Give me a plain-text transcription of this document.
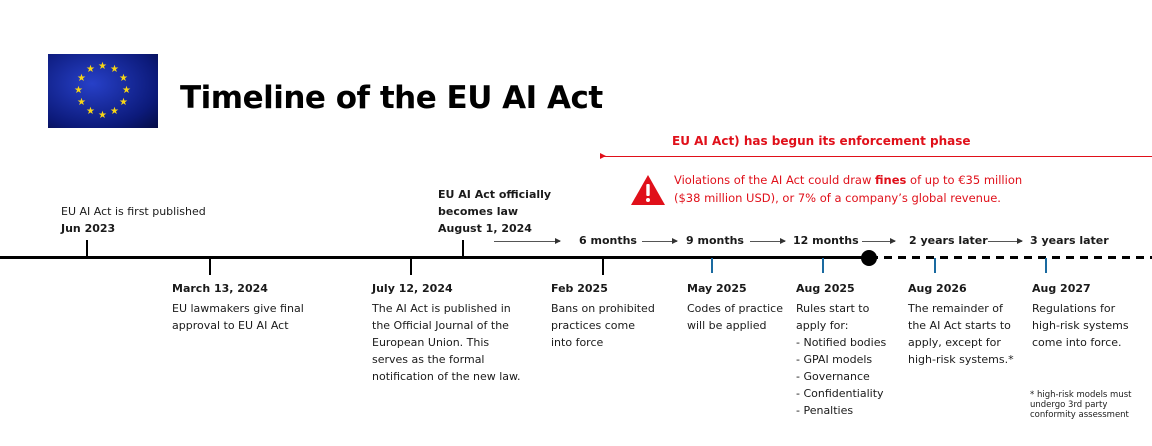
★ ★
★
★
★
★
★
★
★
★
★
★
Timeline of the EU AI Act
EU AI Act) has begun its enforcement phase
Violations of the AI Act could draw fines of up to €35 million
($38 million USD), or 7% of a company’s global revenue.
EU AI Act is first published
Jun 2023
EU AI Act officially
becomes law
August 1, 2024
6 months	9 months	12 months	2 years later	3 years later
March 13, 2024
EU lawmakers give final
approval to EU AI Act
July 12, 2024
The AI Act is published in
the Official Journal of the
European Union. This
serves as the formal
notification of the new law.
Feb 2025
Bans on prohibited
practices come
into force
May 2025
Codes of practice
will be applied
Aug 2025
Rules start to
apply for:
- Notified bodies
- GPAI models
- Governance
- Confidentiality
- Penalties
Aug 2026
The remainder of
the AI Act starts to
apply, except for
high-risk systems.*
Aug 2027
Regulations for
high-risk systems
come into force.
* high-risk models must
undergo 3rd party
conformity assessment
